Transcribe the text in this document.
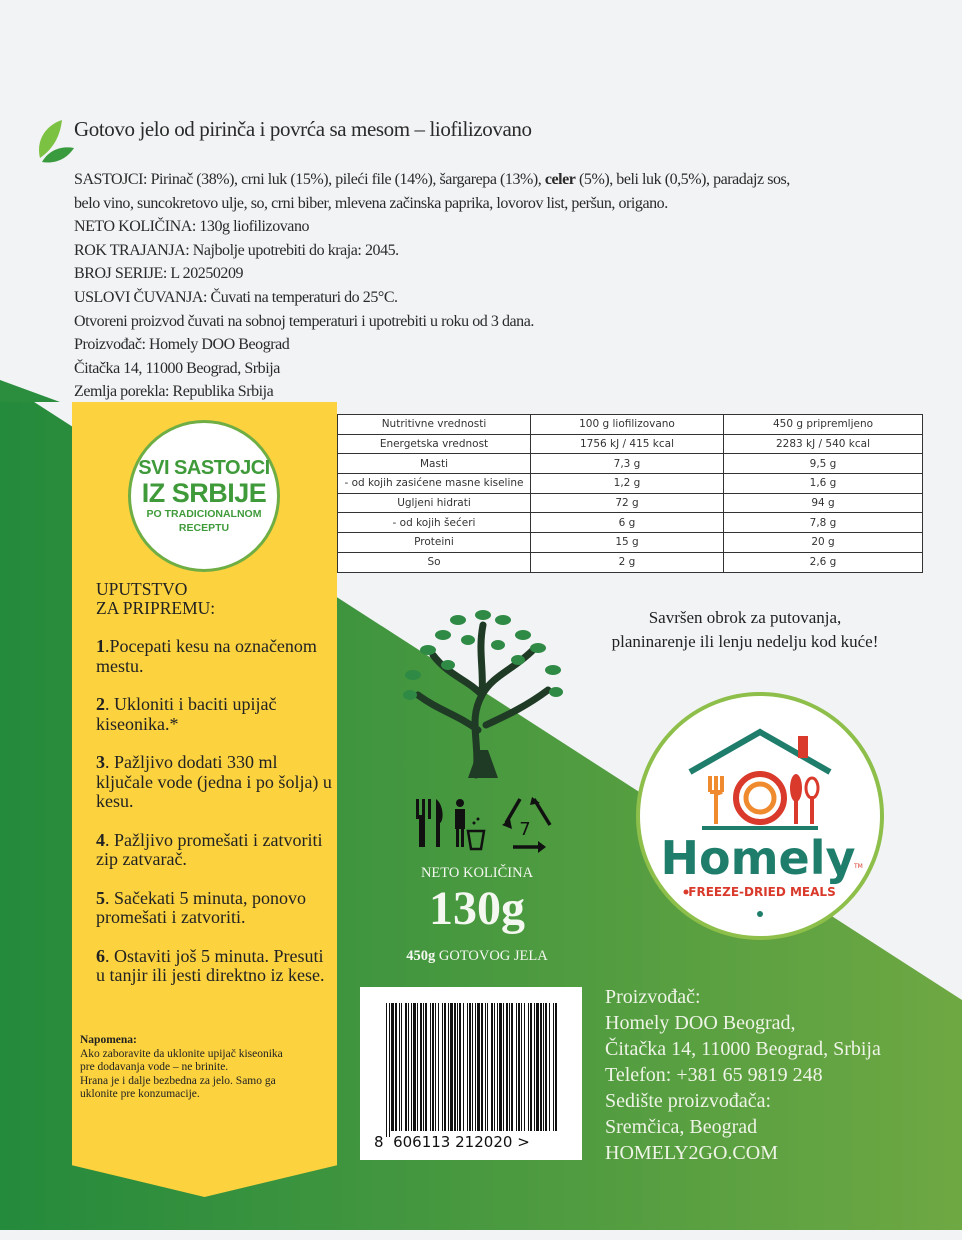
Gotovo jelo od pirinča i povrća sa mesom – liofilizovano
SASTOJCI: Pirinač (38%), crni luk (15%), pileći file (14%), šargarepa (13%), celer (5%), beli luk (0,5%), paradajz sos,
belo vino, suncokretovo ulje, so, crni biber, mlevena začinska paprika, lovorov list, peršun, origano.
NETO KOLIČINA: 130g liofilizovano
ROK TRAJANJA: Najbolje upotrebiti do kraja: 2045.
BROJ SERIJE: L 20250209
USLOVI ČUVANJA: Čuvati na temperaturi do 25°C.
Otvoreni proizvod čuvati na sobnoj temperaturi i upotrebiti u roku od 3 dana.
Proizvođač: Homely DOO Beograd
Čitačka 14, 11000 Beograd, Srbija
Zemlja porekla: Republika Srbija
Nutritivne vrednosti	100 g liofilizovano	450 g pripremljeno
Energetska vrednost	1756 kJ / 415 kcal	2283 kJ / 540 kcal
Masti	7,3 g	9,5 g
- od kojih zasićene masne kiseline	1,2 g	1,6 g
Ugljeni hidrati	72 g	94 g
- od kojih šećeri	6 g	7,8 g
Proteini	15 g	20 g
So	2 g	2,6 g
SVI SASTOJCI
IZ SRBIJE
PO TRADICIONALNOM
RECEPTU
UPUTSTVO
ZA PRIPREMU:
1.Pocepati kesu na označenom mestu.
2. Ukloniti i baciti upijač kiseonika.*
3. Pažljivo dodati 330 ml ključale vode (jedna i po šolja) u kesu.
4. Pažljivo promešati i zatvoriti zip zatvarač.
5. Sačekati 5 minuta, ponovo promešati i zatvoriti.
6. Ostaviti još 5 minuta. Presuti u tanjir ili jesti direktno iz kese.
Napomena:
Ako zaboravite da uklonite upijač kiseonika
pre dodavanja vode – ne brinite.
Hrana je i dalje bezbedna za jelo. Samo ga
uklonite pre konzumacije.
7
NETO KOLIČINA
130g
450g GOTOVOG JELA
Savršen obrok za putovanja,
planinarenje ili lenju nedelju kod kuće!
Homely
TM
FREEZE-DRIED MEALS
8 606113 212020 >
Proizvođač:
Homely DOO Beograd,
Čitačka 14, 11000 Beograd, Srbija
Telefon: +381 65 9819 248
Sedište proizvođača:
Sremčica, Beograd
HOMELY2GO.COM
